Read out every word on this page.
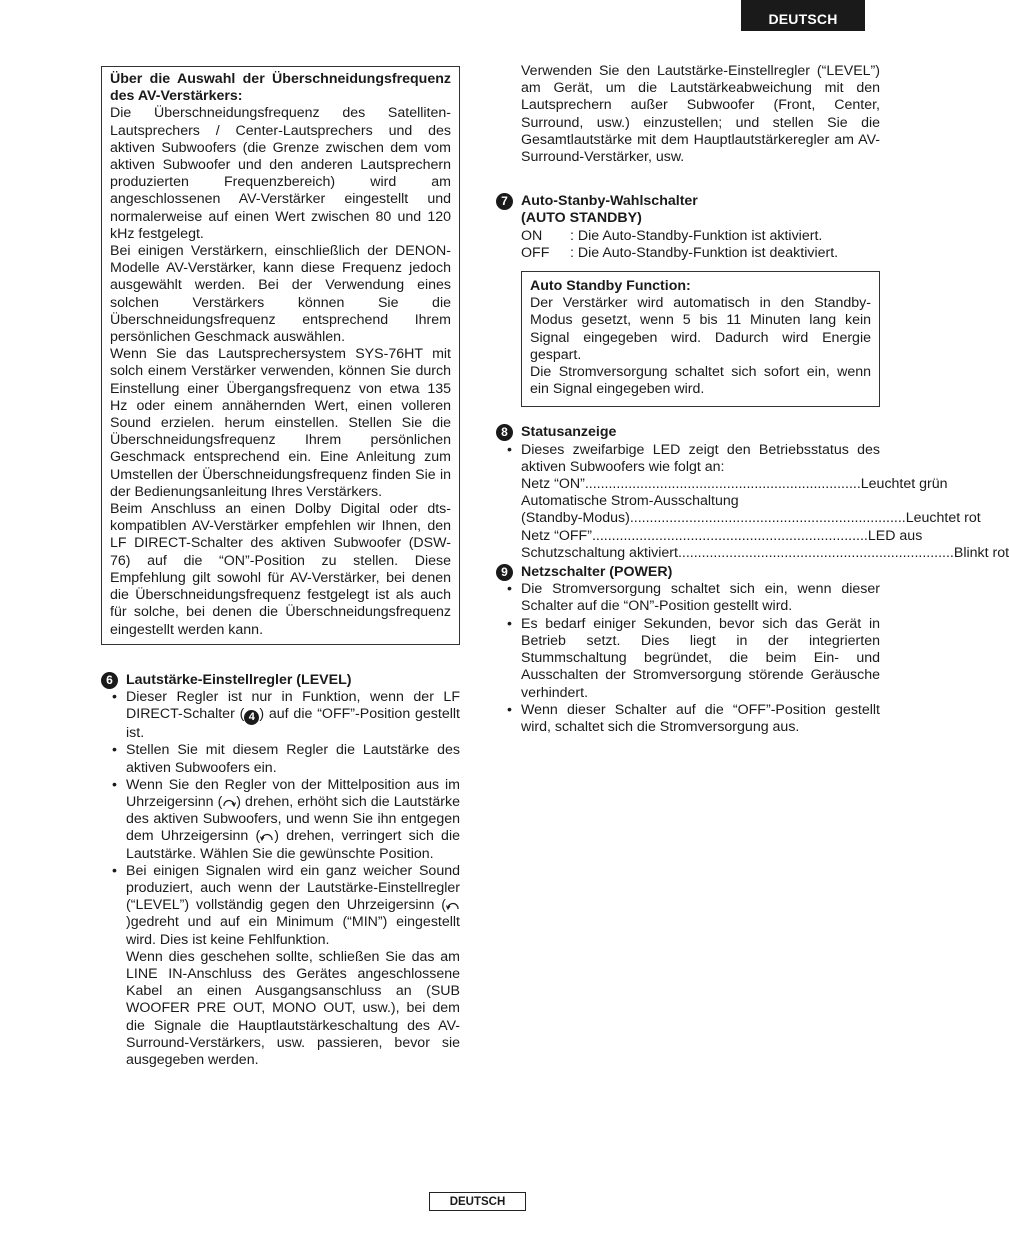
DEUTSCH
Über die Auswahl der Überschneidungsfrequenz des AV-Verstärkers:

Die Überschneidungsfrequenz des Satelliten-Lautsprechers / Center-Lautsprechers und des aktiven Subwoofers (die Grenze zwischen dem vom aktiven Subwoofer und den anderen Lautsprechern produzierten Frequenzbereich) wird am angeschlossenen AV-Verstärker eingestellt und normalerweise auf einen Wert zwischen 80 und 120 kHz festgelegt.

Bei einigen Verstärkern, einschließlich der DENON-Modelle AV-Verstärker, kann diese Frequenz jedoch ausgewählt werden. Bei der Verwendung eines solchen Verstärkers können Sie die Überschneidungsfrequenz entsprechend Ihrem persönlichen Geschmack auswählen.

Wenn Sie das Lautsprechersystem SYS-76HT mit solch einem Verstärker verwenden, können Sie durch Einstellung einer Übergangsfrequenz von etwa 135 Hz oder einem annähernden Wert, einen volleren Sound erzielen. herum einstellen. Stellen Sie die Überschneidungsfrequenz Ihrem persönlichen Geschmack entsprechend ein. Eine Anleitung zum Umstellen der Überschneidungsfrequenz finden Sie in der Bedienungsanleitung Ihres Verstärkers.

Beim Anschluss an einen Dolby Digital oder dts-kompatiblen AV-Verstärker empfehlen wir Ihnen, den LF DIRECT-Schalter des aktiven Subwoofer (DSW-76) auf die “ON”-Position zu stellen. Diese Empfehlung gilt sowohl für AV-Verstärker, bei denen die Überschneidungsfrequenz festgelegt ist als auch für solche, bei denen die Überschneidungsfrequenz eingestellt werden kann.

6 Lautstärke-Einstellregler (LEVEL)
• Dieser Regler ist nur in Funktion, wenn der LF DIRECT-Schalter ( 4 ) auf die “OFF”-Position gestellt ist.
• Stellen Sie mit diesem Regler die Lautstärke des aktiven Subwoofers ein.
• Wenn Sie den Regler von der Mittelposition aus im Uhrzeigersinn ( ) drehen, erhöht sich die Lautstärke des aktiven Subwoofers, und wenn Sie ihn entgegen dem Uhrzeigersinn ( ) drehen, verringert sich die Lautstärke. Wählen Sie die gewünschte Position.
• Bei einigen Signalen wird ein ganz weicher Sound produziert, auch wenn der Lautstärke-Einstellregler (“LEVEL”) vollständig gegen den Uhrzeigersinn ()gedreht und auf ein Minimum (“MIN”) eingestellt wird. Dies ist keine Fehlfunktion.

Wenn dies geschehen sollte, schließen Sie das am LINE IN-Anschluss des Gerätes angeschlossene Kabel an einen Ausgangsanschluss an (SUB WOOFER PRE OUT, MONO OUT, usw.), bei dem die Signale die Hauptlautstärkeschaltung des AV-Surround-Verstärkers, usw. passieren, bevor sie ausgegeben werden.

Verwenden Sie den Lautstärke-Einstellregler (“LEVEL”) am Gerät, um die Lautstärkeabweichung mit den Lautsprechern außer Subwoofer (Front, Center, Surround, usw.) einzustellen; und stellen Sie die Gesamtlautstärke mit dem Hauptlautstärkeregler am AV-Surround-Verstärker, usw.

7 Auto-Stanby-Wahlschalter
(AUTO STANDBY)
ON	: Die Auto-Standby-Funktion ist aktiviert.
OFF	: Die Auto-Standby-Funktion ist deaktiviert.
Auto Standby Function:

Der Verstärker wird automatisch in den Standby-Modus gesetzt, wenn 5 bis 11 Minuten lang kein Signal eingegeben wird. Dadurch wird Energie gespart.

Die Stromversorgung schaltet sich sofort ein, wenn ein Signal eingegeben wird.

8 Statusanzeige
• Dieses zweifarbige LED zeigt den Betriebsstatus des aktiven Subwoofers wie folgt an:
Netz “ON” ...................................................................... Leuchtet grün
Automatische Strom-Ausschaltung
(Standby-Modus) ...................................................................... Leuchtet rot
Netz “OFF” ...................................................................... LED aus
Schutzschaltung aktiviert ...................................................................... Blinkt rot
9 Netzschalter (POWER)
• Die Stromversorgung schaltet sich ein, wenn dieser Schalter auf die “ON”-Position gestellt wird.
• Es bedarf einiger Sekunden, bevor sich das Gerät in Betrieb setzt. Dies liegt in der integrierten Stummschaltung begründet, die beim Ein- und Ausschalten der Stromversorgung störende Geräusche verhindert.
• Wenn dieser Schalter auf die “OFF”-Position gestellt wird, schaltet sich die Stromversorgung aus.
DEUTSCH
